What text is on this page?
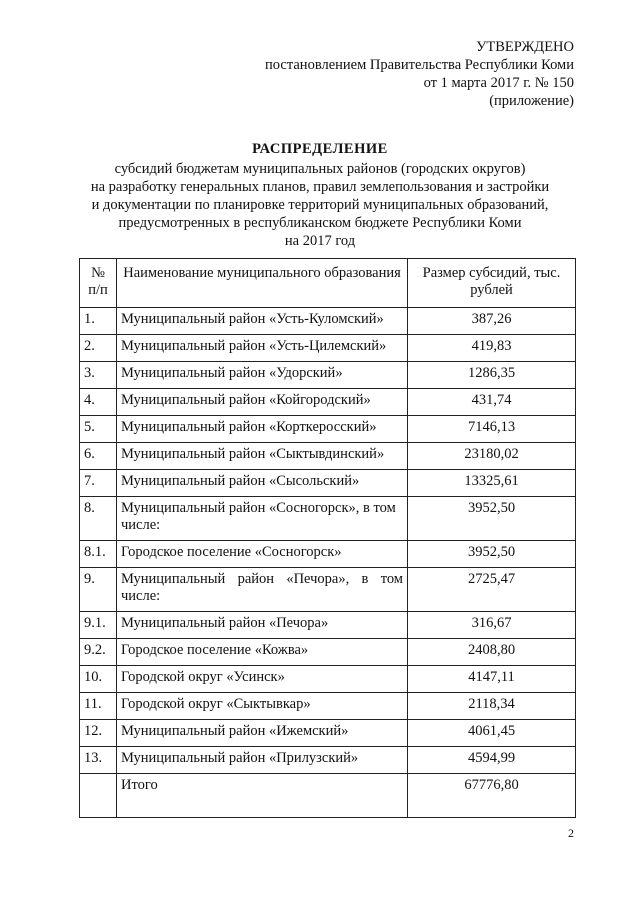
УТВЕРЖДЕНО
постановлением Правительства Республики Коми
от 1 марта 2017 г. № 150
(приложение)
РАСПРЕДЕЛЕНИЕ
субсидий бюджетам муниципальных районов (городских округов)
на разработку генеральных планов, правил землепользования и застройки
и документации по планировке территорий муниципальных образований,
предусмотренных в республиканском бюджете Республики Коми
на 2017 год
№ п/п	Наименование муниципального образования	Размер субсидий, тыс. рублей
1.	Муниципальный район «Усть-Куломский»	387,26
2.	Муниципальный район «Усть-Цилемский»	419,83
3.	Муниципальный район «Удорский»	1286,35
4.	Муниципальный район «Койгородский»	431,74
5.	Муниципальный район «Корткеросский»	7146,13
6.	Муниципальный район «Сыктывдинский»	23180,02
7.	Муниципальный район «Сысольский»	13325,61
8.	Муниципальный район «Сосногорск», в том числе:	3952,50
8.1.	Городское поселение «Сосногорск»	3952,50
9.	Муниципальный район «Печора», в том числе:	2725,47
9.1.	Муниципальный район «Печора»	316,67
9.2.	Городское поселение «Кожва»	2408,80
10.	Городской округ «Усинск»	4147,11
11.	Городской округ «Сыктывкар»	2118,34
12.	Муниципальный район «Ижемский»	4061,45
13.	Муниципальный район «Прилузский»	4594,99
	Итого	67776,80
2
